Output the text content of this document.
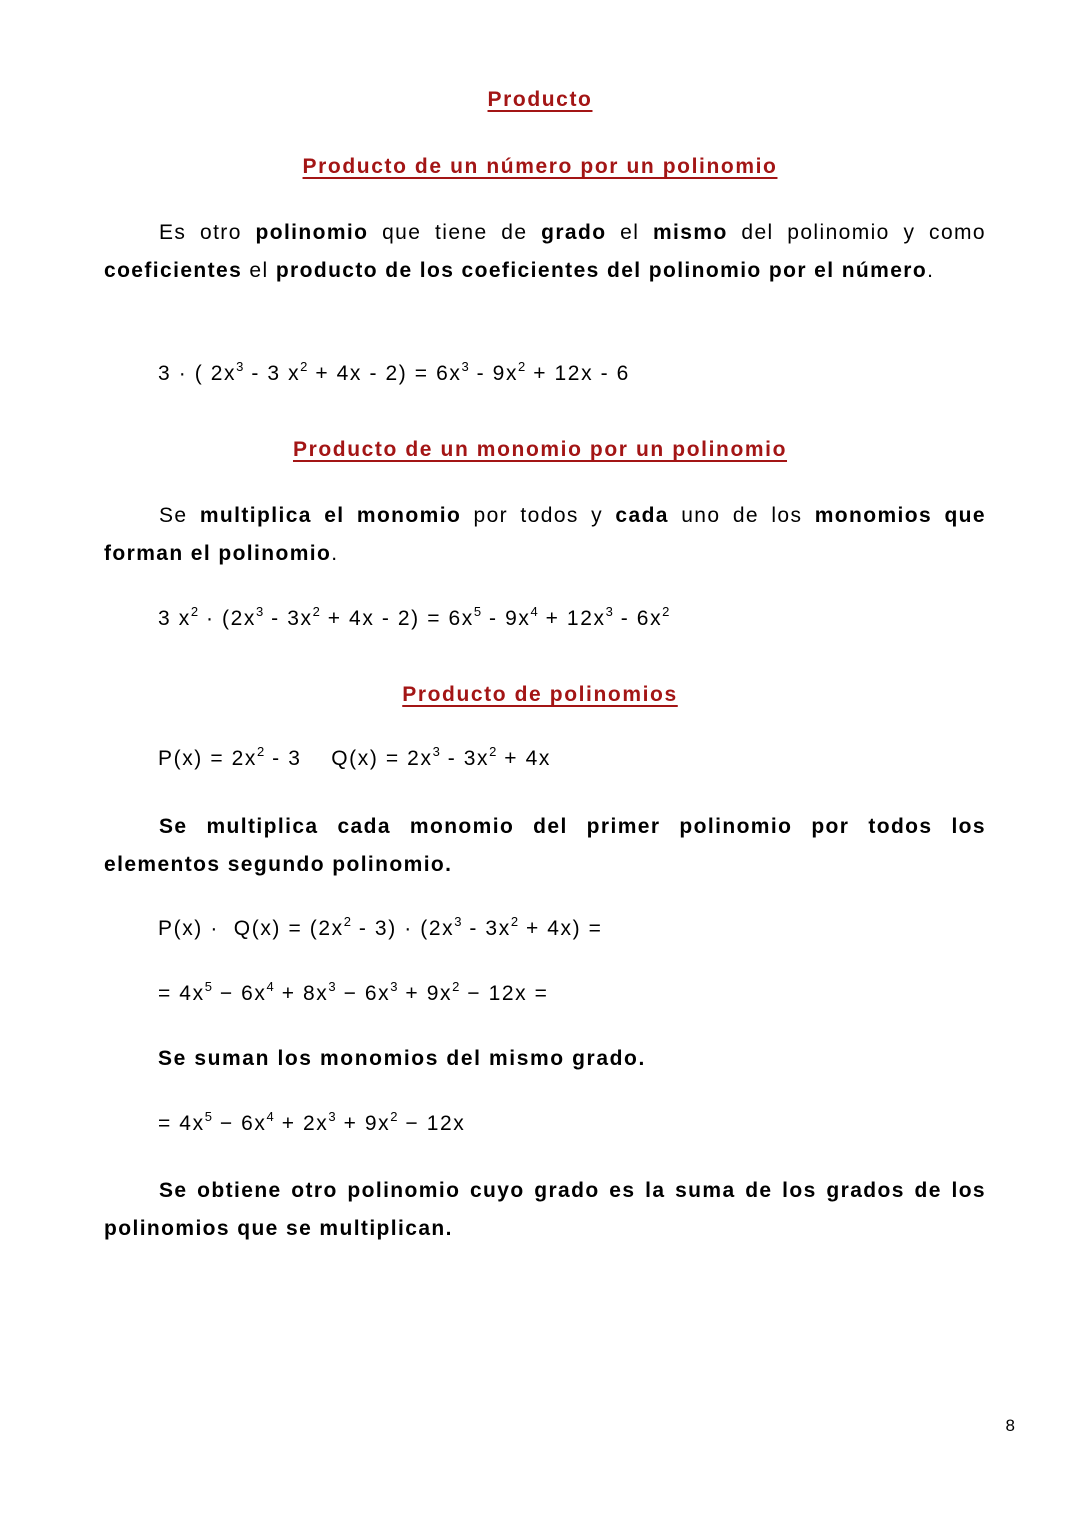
Producto
Producto de un número por un polinomio
Es otro polinomio que tiene de grado el mismo del polinomio y como coeficientes el producto de los coeficientes del polinomio por el número.
3 · ( $2x^3 - 3$ $x^2 + 4x - 2) = 6x^3 - 9x^2 + 12x - 6$
Producto de un monomio por un polinomio
Se multiplica el monomio por todos y cada uno de los monomios que forman el polinomio.
3 $x^2 \cdot (2x^3 - 3x^2 + 4x - 2) = 6x^5 - 9x^4 + 12x^3 - 6x^2$
Producto de polinomios
$P(x) = 2x^2 - 3$    $Q(x) = 2x^3 - 3x^2 + 4x$
Se multiplica cada monomio del primer polinomio por todos los elementos segundo polinomio.
$P(x) \cdot Q(x) = (2x^2 - 3) \cdot (2x^3 - 3x^2 + 4x)$ =
= $4x^5 - 6x^4 + 8x^3 - 6x^3 + 9x^2 - 12x$ =
Se suman los monomios del mismo grado.
= $4x^5 - 6x^4 + 2x^3 + 9x^2 - 12x$
Se obtiene otro polinomio cuyo grado es la suma de los grados de los polinomios que se multiplican.
8
